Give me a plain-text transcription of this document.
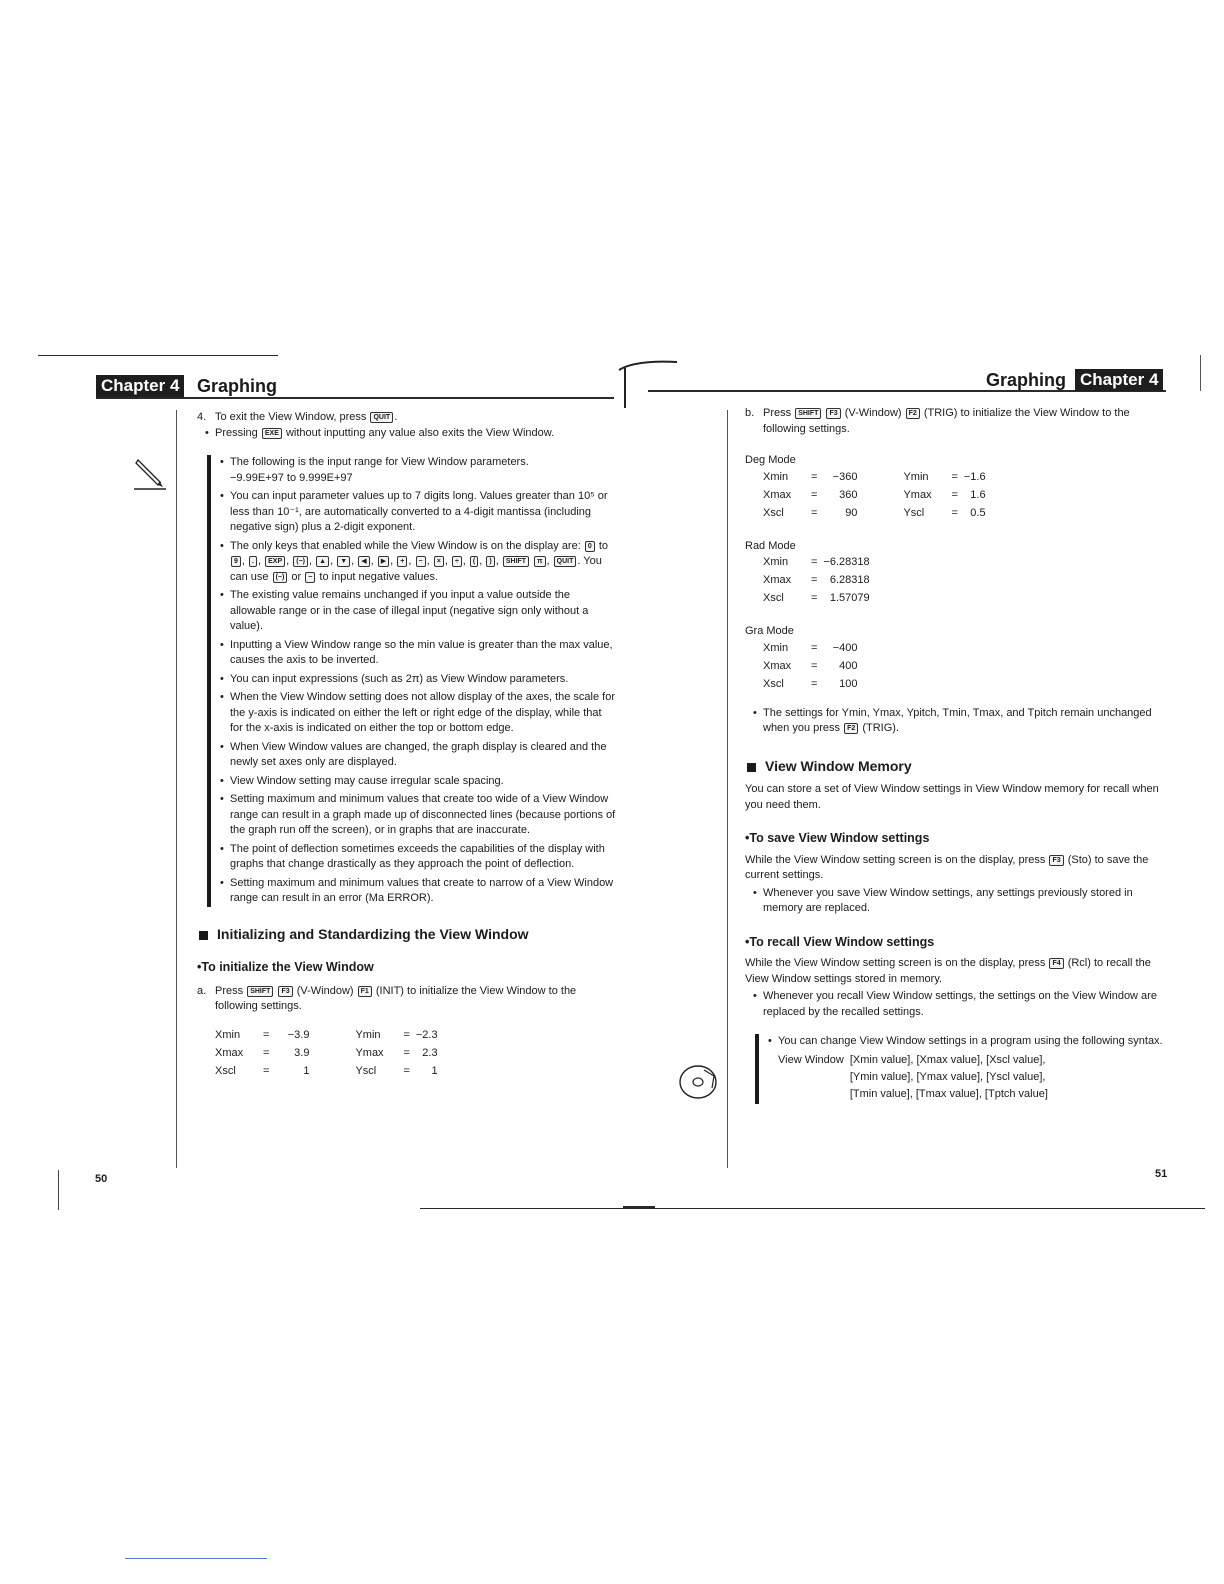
Chapter 4 Graphing

4. To exit the View Window, press QUIT .

• Pressing EXE without inputting any value also exits the View Window.

• The following is the input range for View Window parameters.
−9.99E+97 to 9.999E+97

• You can input parameter values up to 7 digits long. Values greater than 10⁵ or less than 10⁻¹, are automatically converted to a 4-digit mantissa (including negative sign) plus a 2-digit exponent.

• The only keys that enabled while the View Window is on the display are: 0 to 9 , . , EXP , (−) , ▲ , ▼ , ◀ , ▶ , + , − , × , ÷ , ( , ) , SHIFT π , QUIT . You can use (−) or − to input negative values.

• The existing value remains unchanged if you input a value outside the allowable range or in the case of illegal input (negative sign only without a value).

• Inputting a View Window range so the min value is greater than the max value, causes the axis to be inverted.

• You can input expressions (such as 2π) as View Window parameters.

• When the View Window setting does not allow display of the axes, the scale for the y-axis is indicated on either the left or right edge of the display, while that for the x-axis is indicated on either the top or bottom edge.

• When View Window values are changed, the graph display is cleared and the newly set axes only are displayed.

• View Window setting may cause irregular scale spacing.

• Setting maximum and minimum values that create too wide of a View Window range can result in a graph made up of disconnected lines (because portions of the graph run off the screen), or in graphs that are inaccurate.

• The point of deflection sometimes exceeds the capabilities of the display with graphs that change drastically as they approach the point of deflection.

• Setting maximum and minimum values that create to narrow of a View Window range can result in an error (Ma ERROR).

Initializing and Standardizing the View Window

•To initialize the View Window

a. Press SHIFT F3 (V-Window) F1 (INIT) to initialize the View Window to the following settings.

Xmin	=	−3.9	Ymin	=	−2.3
Xmax	=	3.9	Ymax	=	2.3
Xscl	=	1	Yscl	=	1
50
Graphing Chapter 4

b. Press SHIFT F3 (V-Window) F2 (TRIG) to initialize the View Window to the following settings.

Deg Mode

Xmin	=	−360	Ymin	=	−1.6
Xmax	=	360	Ymax	=	1.6
Xscl	=	90	Yscl	=	0.5

Rad Mode

Xmin	=	−6.28318
Xmax	=	6.28318
Xscl	=	1.57079

Gra Mode

Xmin	=	−400
Xmax	=	400
Xscl	=	100

• The settings for Ymin, Ymax, Ypitch, Tmin, Tmax, and Tpitch remain unchanged when you press F2 (TRIG).

View Window Memory

You can store a set of View Window settings in View Window memory for recall when you need them.

•To save View Window settings

While the View Window setting screen is on the display, press F3 (Sto) to save the current settings.

• Whenever you save View Window settings, any settings previously stored in memory are replaced.

•To recall View Window settings

While the View Window setting screen is on the display, press F4 (Rcl) to recall the View Window settings stored in memory.

• Whenever you recall View Window settings, the settings on the View Window are replaced by the recalled settings.

• You can change View Window settings in a program using the following syntax.

View Window	[Xmin value], [Xmax value], [Xscl value],
	[Ymin value], [Ymax value], [Yscl value],
	[Tmin value], [Tmax value], [Tptch value]
51
